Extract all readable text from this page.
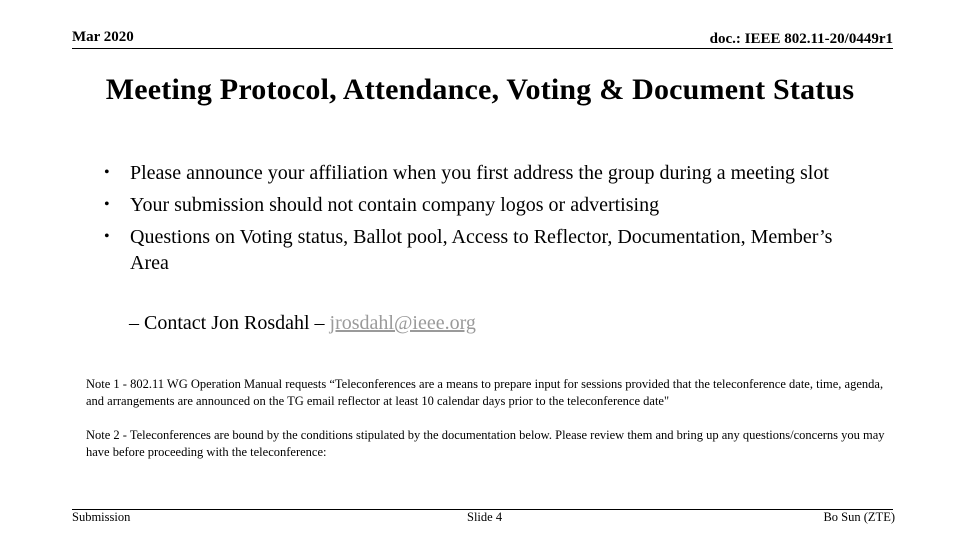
Mar 2020	doc.: IEEE 802.11-20/0449r1
Meeting Protocol, Attendance, Voting & Document Status
• Please announce your affiliation when you first address the group during a meeting slot
• Your submission should not contain company logos or advertising
• Questions on Voting status, Ballot pool, Access to Reflector, Documentation, Member’s Area
– Contact Jon Rosdahl – jrosdahl@ieee.org
Note 1 - 802.11 WG Operation Manual requests “Teleconferences are a means to prepare input for sessions provided that the teleconference date, time, agenda, and arrangements are announced on the TG email reflector at least 10 calendar days prior to the teleconference date"
Note 2 - Teleconferences are bound by the conditions stipulated by the documentation below. Please review them and bring up any questions/concerns you may have before proceeding with the teleconference:
Submission	Slide 4	Bo Sun (ZTE)
